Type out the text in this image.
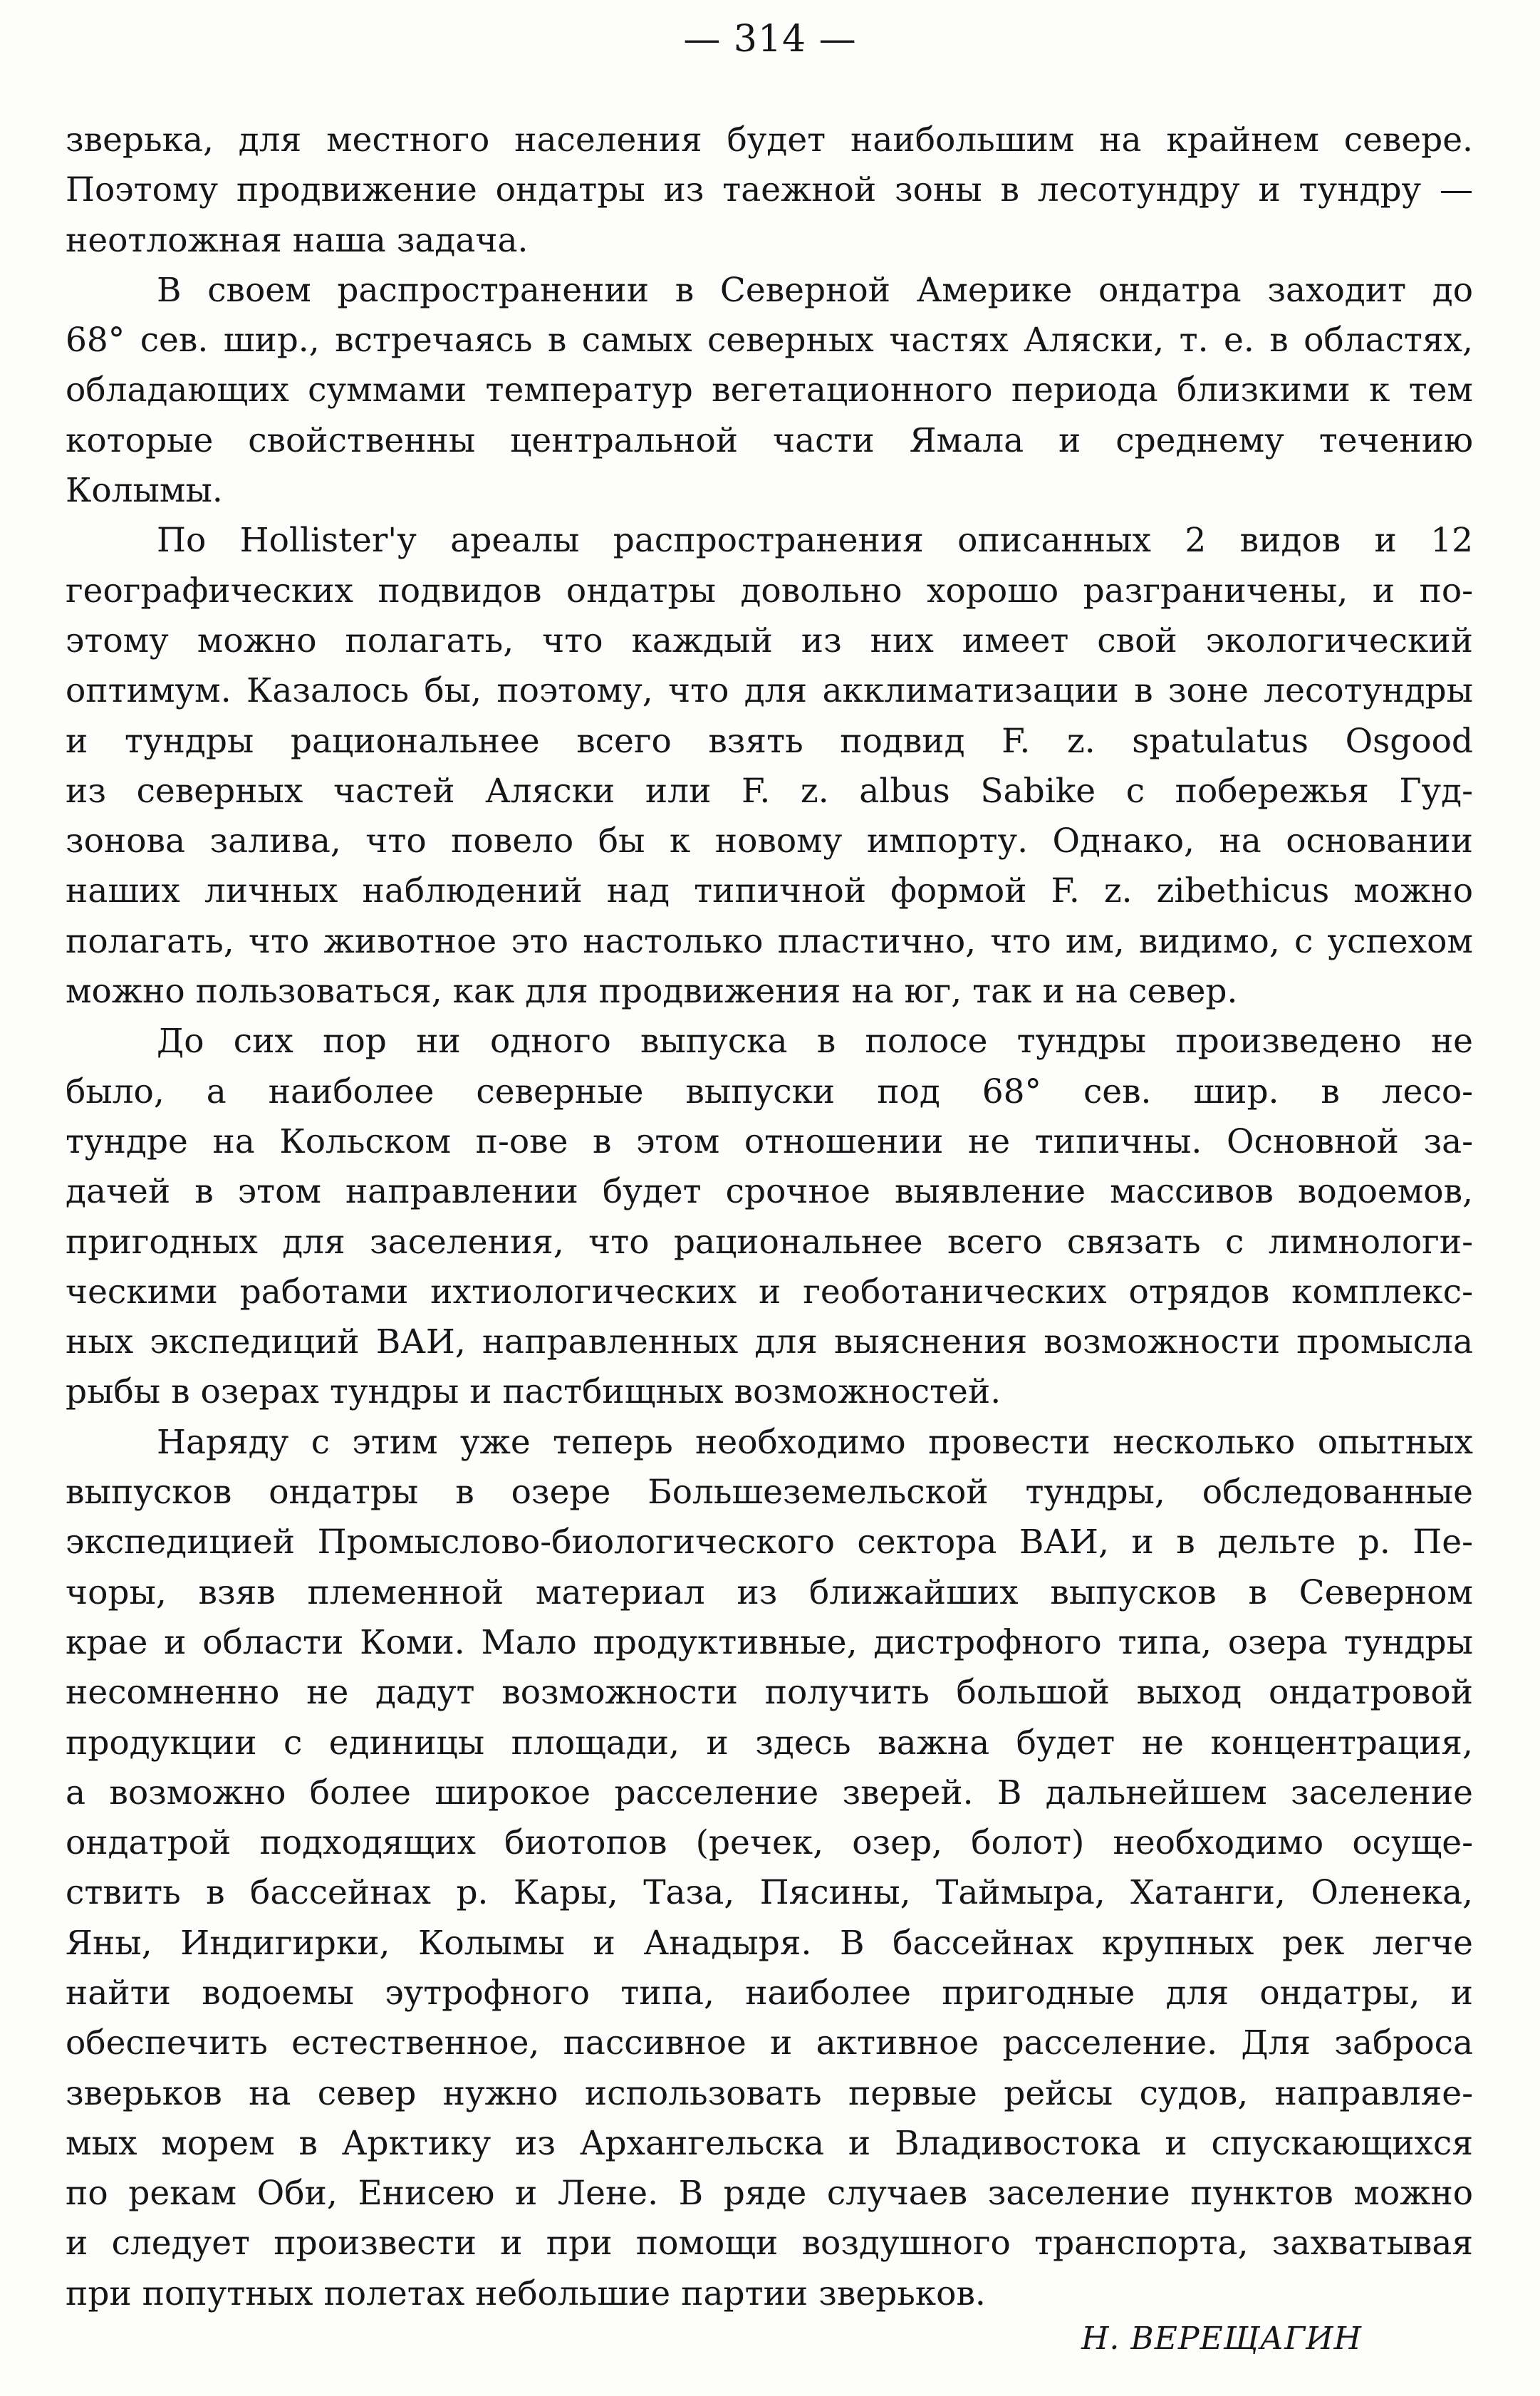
— 314 —

зверька, для местного населения будет наибольшим на крайнем севере.
Поэтому продвижение ондатры из таежной зоны в лесотундру и тундру —
неотложная наша задача.

В своем распространении в Северной Америке ондатра заходит до
68° сев. шир., встречаясь в самых северных частях Аляски, т. е. в областях,
обладающих суммами температур вегетационного периода близкими к тем
которые свойственны центральной части Ямала и среднему течению
Колымы.

По Hollister'у ареалы распространения описанных 2 видов и 12
географических подвидов ондатры довольно хорошо разграничены, и по-
этому можно полагать, что каждый из них имеет свой экологический
оптимум. Казалось бы, поэтому, что для акклиматизации в зоне лесотундры
и тундры рациональнее всего взять подвид F. z. spatulatus Osgood
из северных частей Аляски или F. z. albus Sabike с побережья Гуд-
зонова залива, что повело бы к новому импорту. Однако, на основании
наших личных наблюдений над типичной формой F. z. zibethicus можно
полагать, что животное это настолько пластично, что им, видимо, с успехом
можно пользоваться, как для продвижения на юг, так и на север.

До сих пор ни одного выпуска в полосе тундры произведено не
было, а наиболее северные выпуски под 68° сев. шир. в лесо-
тундре на Кольском п-ове в этом отношении не типичны. Основной за-
дачей в этом направлении будет срочное выявление массивов водоемов,
пригодных для заселения, что рациональнее всего связать с лимнологи-
ческими работами ихтиологических и геоботанических отрядов комплекс-
ных экспедиций ВАИ, направленных для выяснения возможности промысла
рыбы в озерах тундры и пастбищных возможностей.

Наряду с этим уже теперь необходимо провести несколько опытных
выпусков ондатры в озере Большеземельской тундры, обследованные
экспедицией Промыслово-биологического сектора ВАИ, и в дельте р. Пе-
чоры, взяв племенной материал из ближайших выпусков в Северном
крае и области Коми. Мало продуктивные, дистрофного типа, озера тундры
несомненно не дадут возможности получить большой выход ондатровой
продукции с единицы площади, и здесь важна будет не концентрация,
а возможно более широкое расселение зверей. В дальнейшем заселение
ондатрой подходящих биотопов (речек, озер, болот) необходимо осуще-
ствить в бассейнах р. Кары, Таза, Пясины, Таймыра, Хатанги, Оленека,
Яны, Индигирки, Колымы и Анадыря. В бассейнах крупных рек легче
найти водоемы эутрофного типа, наиболее пригодные для ондатры, и
обеспечить естественное, пассивное и активное расселение. Для заброса
зверьков на север нужно использовать первые рейсы судов, направляе-
мых морем в Арктику из Архангельска и Владивостока и спускающихся
по рекам Оби, Енисею и Лене. В ряде случаев заселение пунктов можно
и следует произвести и при помощи воздушного транспорта, захватывая
при попутных полетах небольшие партии зверьков.

Н. ВЕРЕЩАГИН
